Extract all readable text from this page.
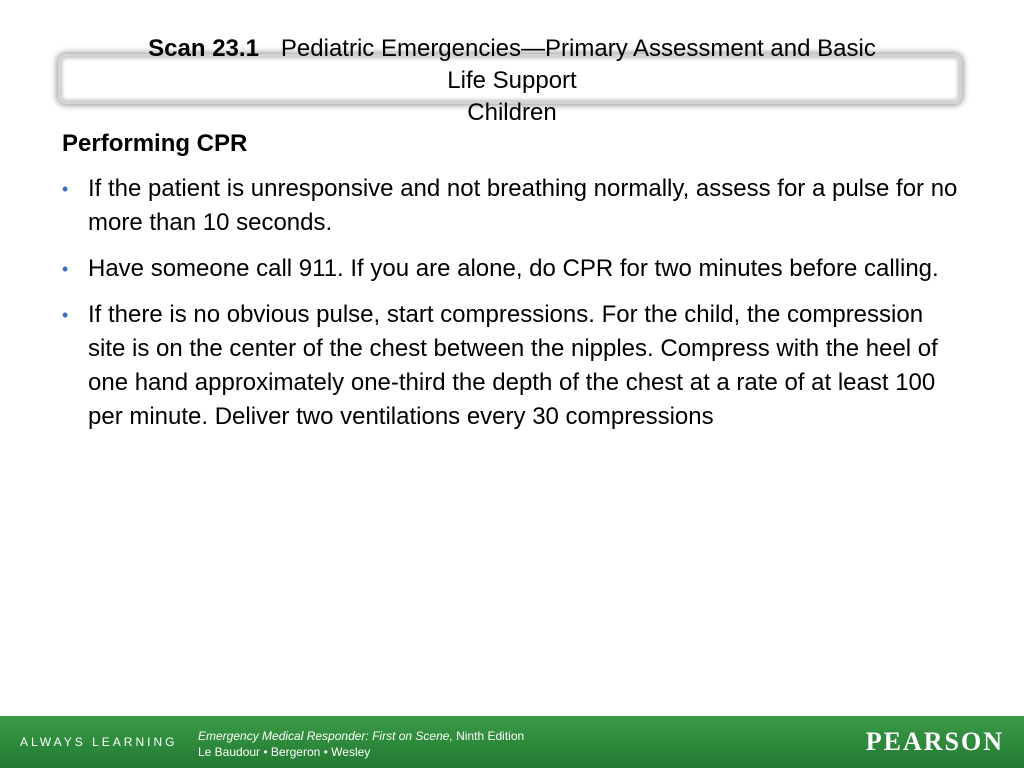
Scan 23.1 Pediatric Emergencies—Primary Assessment and Basic
Life Support
Children
Performing CPR
• If the patient is unresponsive and not breathing normally, assess for a pulse for no more than 10 seconds.
• Have someone call 911. If you are alone, do CPR for two minutes before calling.
• If there is no obvious pulse, start compressions. For the child, the compression site is on the center of the chest between the nipples. Compress with the heel of one hand approximately one-third the depth of the chest at a rate of at least 100 per minute. Deliver two ventilations every 30 compressions
ALWAYS LEARNING Emergency Medical Responder: First on Scene, Ninth Edition
Le Baudour • Bergeron • Wesley	PEARSON
